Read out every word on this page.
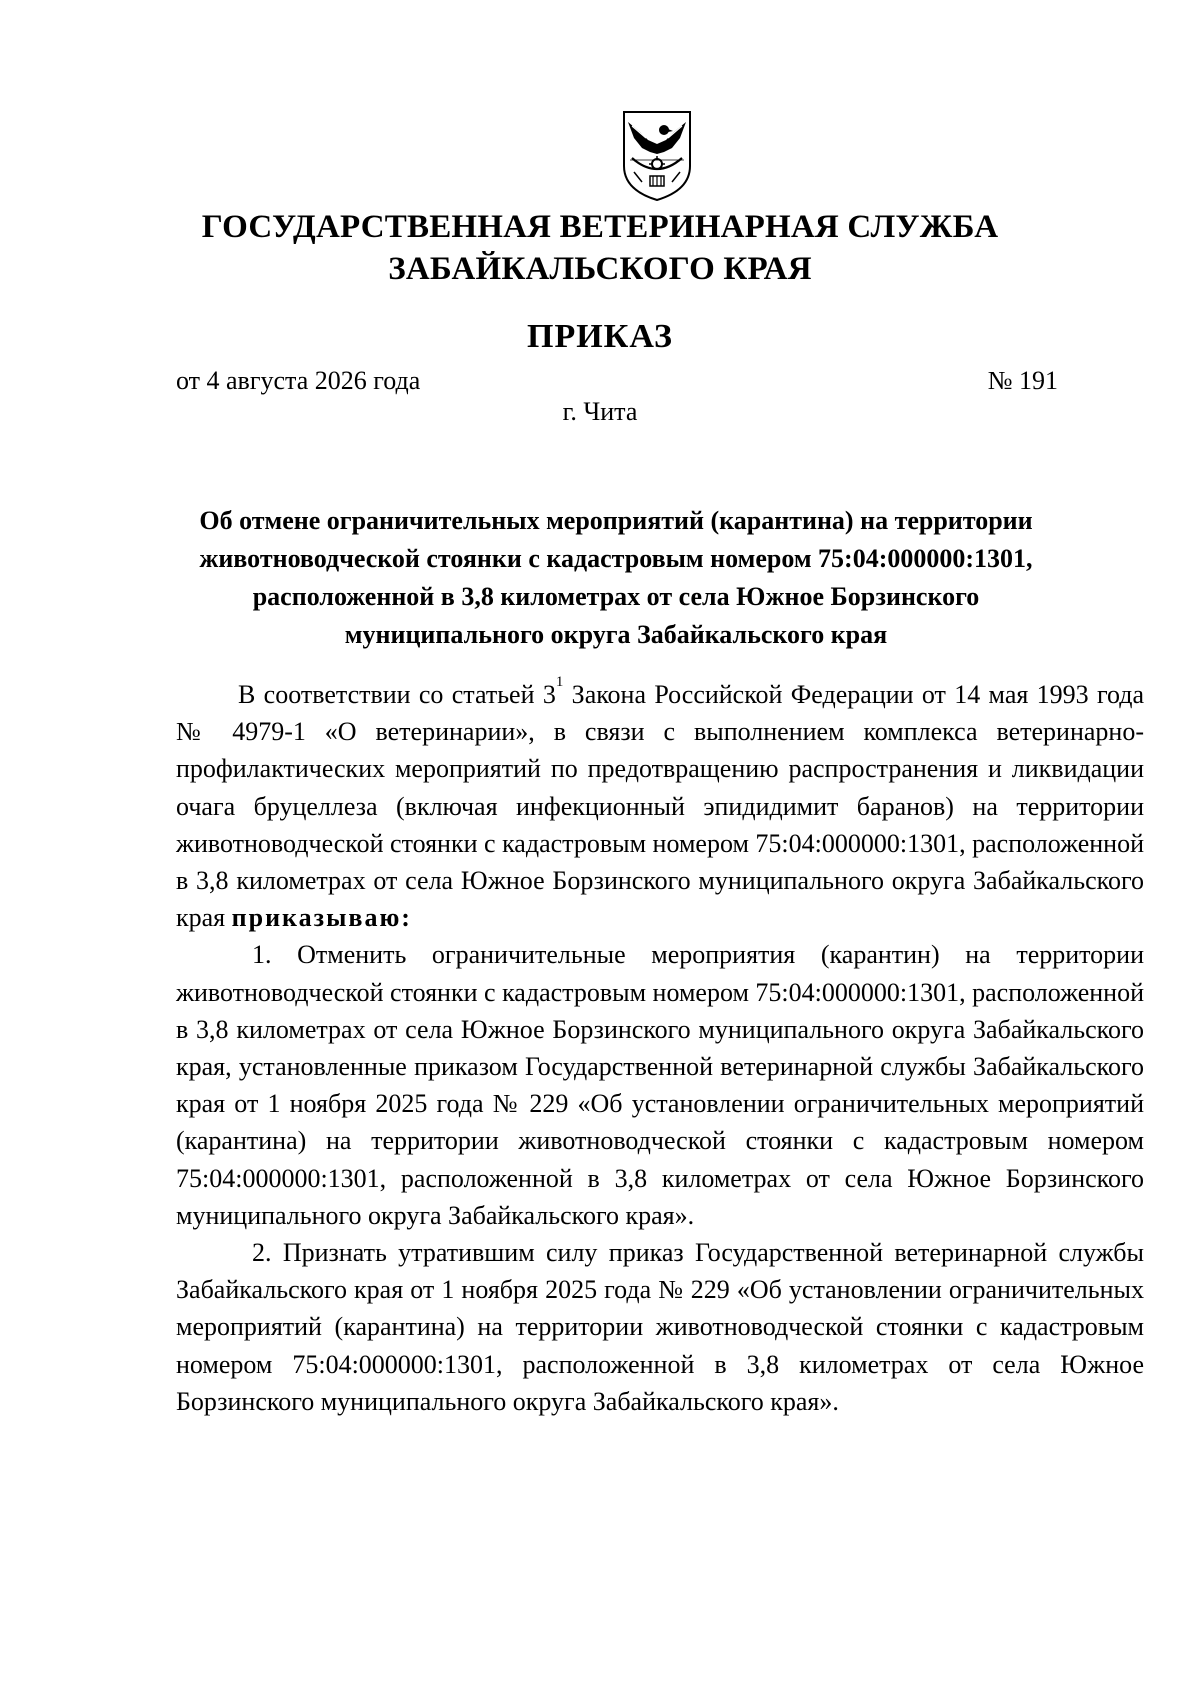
ГОСУДАРСТВЕННАЯ ВЕТЕРИНАРНАЯ СЛУЖБА
ЗАБАЙКАЛЬСКОГО КРАЯ
ПРИКАЗ
от 4 августа 2026 года	№ 191
г. Чита
Об отмене ограничительных мероприятий (карантина) на территории
животноводческой стоянки с кадастровым номером 75:04:000000:1301,
расположенной в 3,8 километрах от села Южное Борзинского
муниципального округа Забайкальского края

В соответствии со статьей $3^1$ Закона Российской Федерации от 14 мая 1993 года № 4979-1 «О ветеринарии», в связи с выполнением комплекса ветеринарно-профилактических мероприятий по предотвращению распространения и ликвидации очага бруцеллеза (включая инфекционный эпидидимит баранов) на территории животноводческой стоянки с кадастровым номером 75:04:000000:1301, расположенной в 3,8 километрах от села Южное Борзинского муниципального округа Забайкальского края приказываю:

1. Отменить ограничительные мероприятия (карантин) на территории животноводческой стоянки с кадастровым номером 75:04:000000:1301, расположенной в 3,8 километрах от села Южное Борзинского муниципального округа Забайкальского края, установленные приказом Государственной ветеринарной службы Забайкальского края от 1 ноября 2025 года № 229 «Об установлении ограничительных мероприятий (карантина) на территории животноводческой стоянки с кадастровым номером 75:04:000000:1301, расположенной в 3,8 километрах от села Южное Борзинского муниципального округа Забайкальского края».

2. Признать утратившим силу приказ Государственной ветеринарной службы Забайкальского края от 1 ноября 2025 года № 229 «Об установлении ограничительных мероприятий (карантина) на территории животноводческой стоянки с кадастровым номером 75:04:000000:1301, расположенной в 3,8 километрах от села Южное Борзинского муниципального округа Забайкальского края».
